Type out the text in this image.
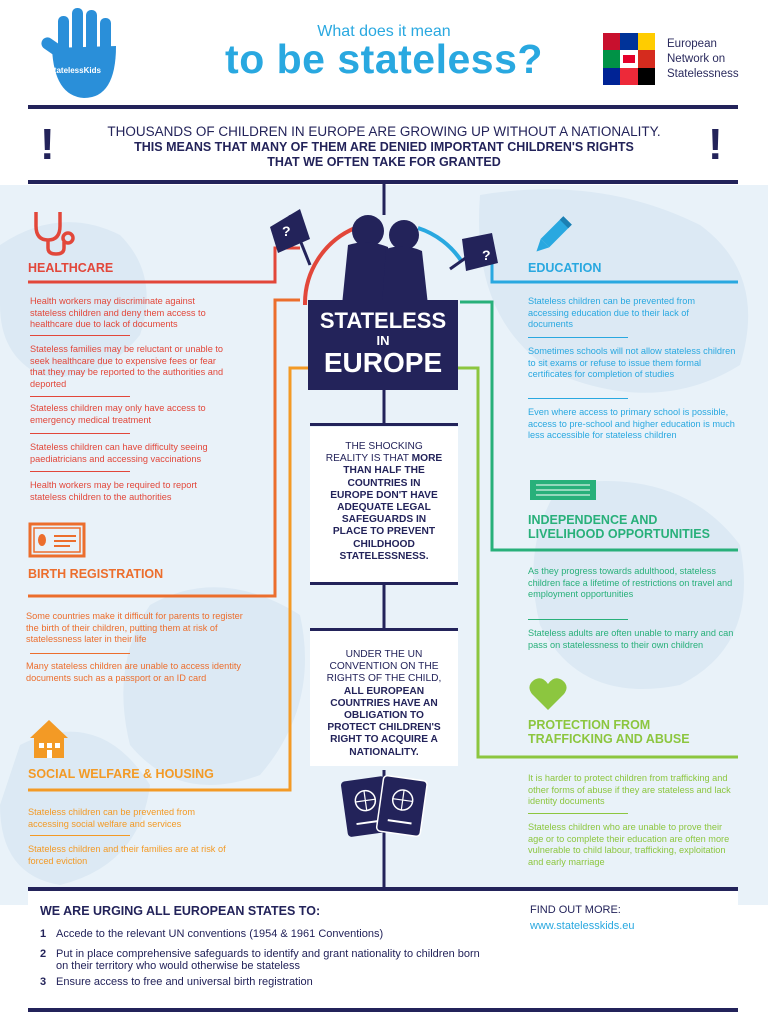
#StatelessKids
What does it mean
to be stateless?	European
Network on
Statelessness
!	!
THOUSANDS OF CHILDREN IN EUROPE ARE GROWING UP WITHOUT A NATIONALITY.
THIS MEANS THAT MANY OF THEM ARE DENIED IMPORTANT CHILDREN'S RIGHTS
THAT WE OFTEN TAKE FOR GRANTED
?
?
STATELESS
IN
EUROPE
THE SHOCKING
REALITY IS THAT MORE
THAN HALF THE
COUNTRIES IN
EUROPE DON'T HAVE
ADEQUATE LEGAL
SAFEGUARDS IN
PLACE TO PREVENT
CHILDHOOD
STATELESSNESS.
UNDER THE UN
CONVENTION ON THE
RIGHTS OF THE CHILD,
ALL EUROPEAN
COUNTRIES HAVE AN
OBLIGATION TO
PROTECT CHILDREN'S
RIGHT TO ACQUIRE A
NATIONALITY.
HEALTHCARE
Health workers may discriminate against stateless children and deny them access to healthcare due to lack of documents
Stateless families may be reluctant or unable to seek healthcare due to expensive fees or fear that they may be reported to the authorities and deported
Stateless children may only have access to emergency medical treatment
Stateless children can have difficulty seeing paediatricians and accessing vaccinations
Health workers may be required to report stateless children to the authorities
BIRTH REGISTRATION
Some countries make it difficult for parents to register the birth of their children, putting them at risk of statelessness later in their life
Many stateless children are unable to access identity documents such as a passport or an ID card
SOCIAL WELFARE & HOUSING
Stateless children can be prevented from accessing social welfare and services
Stateless children and their families are at risk of forced eviction
EDUCATION
Stateless children can be prevented from accessing education due to their lack of documents
Sometimes schools will not allow stateless children to sit exams or refuse to issue them formal certificates for completion of studies
Even where access to primary school is possible, access to pre-school and higher education is much less accessible for stateless children
INDEPENDENCE AND
LIVELIHOOD OPPORTUNITIES
As they progress towards adulthood, stateless children face a lifetime of restrictions on travel and employment opportunities
Stateless adults are often unable to marry and can pass on statelessness to their own children
PROTECTION FROM
TRAFFICKING AND ABUSE
It is harder to protect children from trafficking and other forms of abuse if they are stateless and lack identity documents
Stateless children who are unable to prove their age or to complete their education are often more vulnerable to child labour, trafficking, exploitation and early marriage
WE ARE URGING ALL EUROPEAN STATES TO:
1 Accede to the relevant UN conventions (1954 & 1961 Conventions)
2 Put in place comprehensive safeguards to identify and grant nationality to children born on their territory who would otherwise be stateless
3 Ensure access to free and universal birth registration
FIND OUT MORE:
www.statelesskids.eu
